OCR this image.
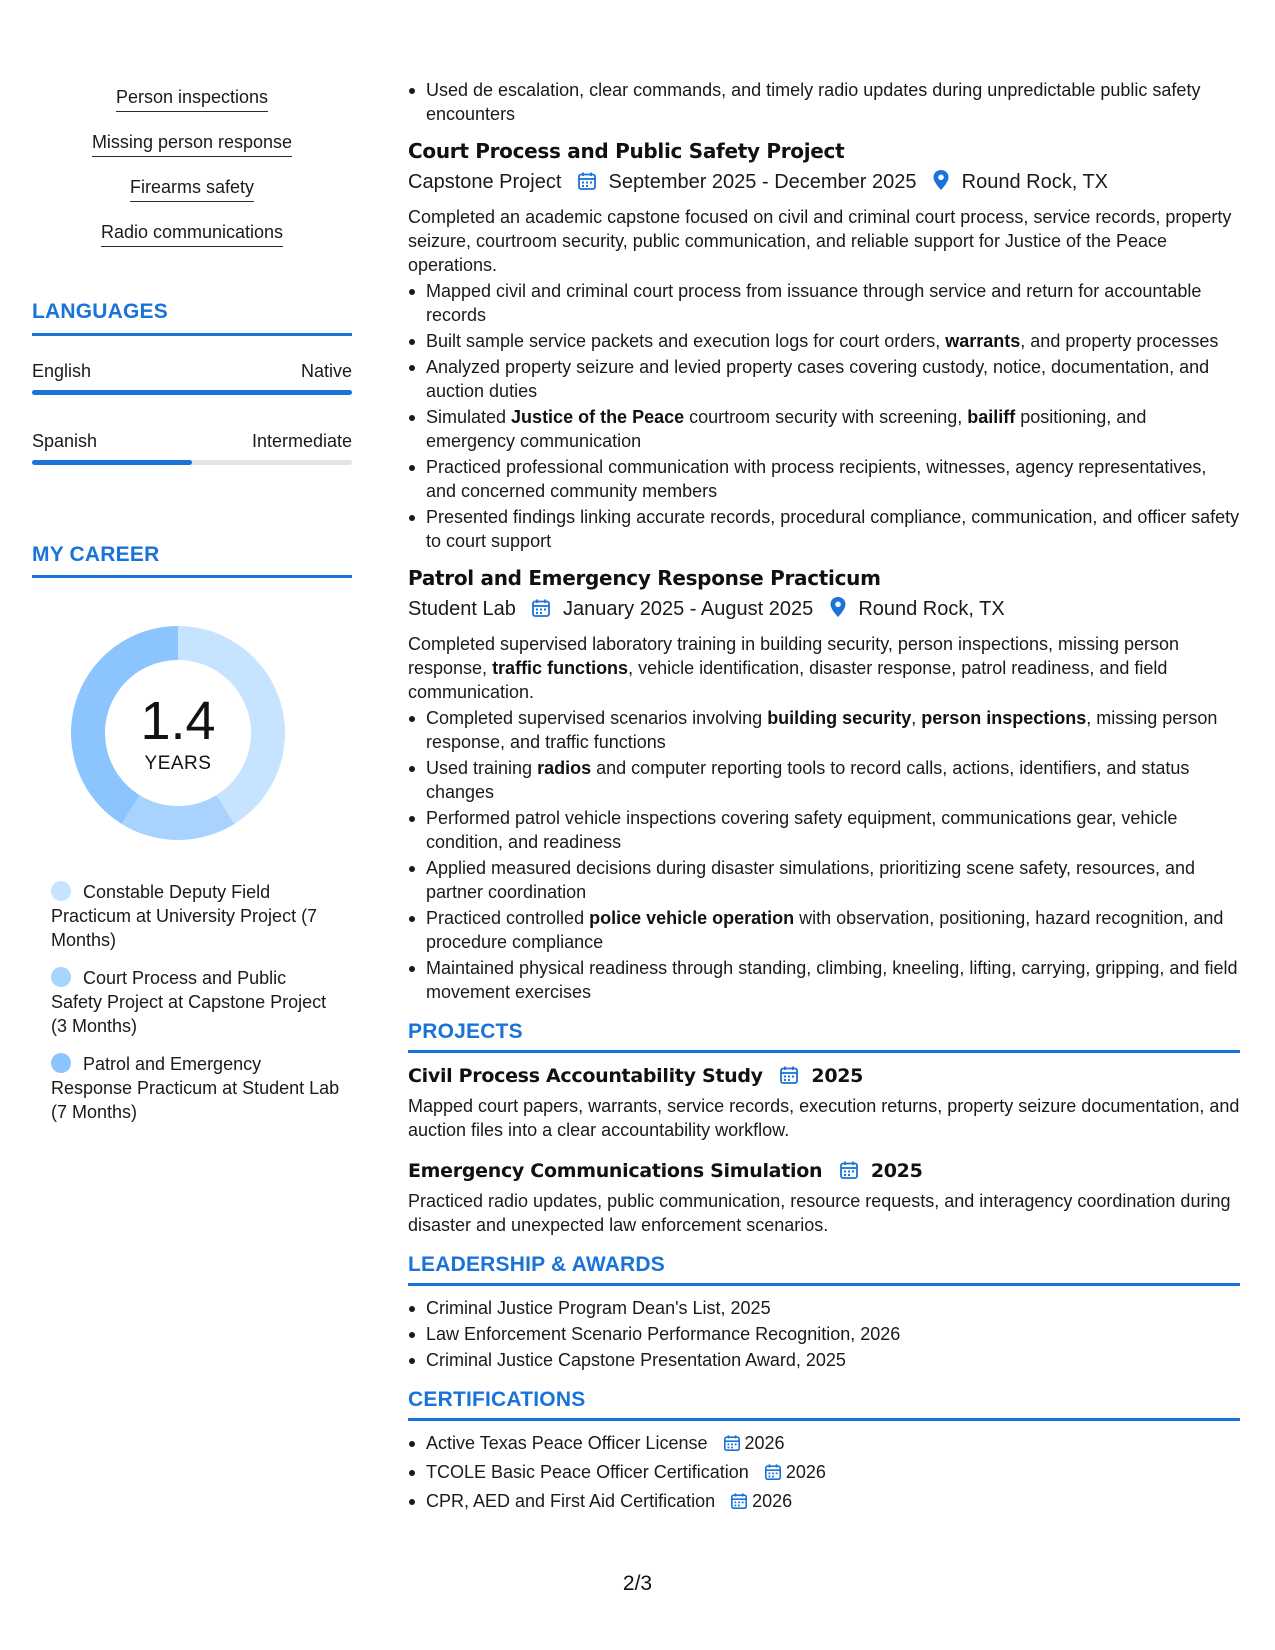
Person inspections
Missing person response
Firearms safety
Radio communications
LANGUAGES
English	Native
Spanish	Intermediate
MY CAREER
1.4
YEARS
Constable Deputy Field Practicum at University Project (7 Months)
Court Process and Public Safety Project at Capstone Project (3 Months)
Patrol and Emergency Response Practicum at Student Lab (7 Months)
Used de escalation, clear commands, and timely radio updates during unpredictable public safety encounters
Court Process and Public Safety Project
Capstone Project September 2025 - December 2025 Round Rock, TX
Completed an academic capstone focused on civil and criminal court process, service records, property seizure, courtroom security, public communication, and reliable support for Justice of the Peace operations.
Mapped civil and criminal court process from issuance through service and return for accountable records
Built sample service packets and execution logs for court orders, warrants, and property processes
Analyzed property seizure and levied property cases covering custody, notice, documentation, and auction duties
Simulated Justice of the Peace courtroom security with screening, bailiff positioning, and emergency communication
Practiced professional communication with process recipients, witnesses, agency representatives, and concerned community members
Presented findings linking accurate records, procedural compliance, communication, and officer safety to court support
Patrol and Emergency Response Practicum
Student Lab January 2025 - August 2025 Round Rock, TX
Completed supervised laboratory training in building security, person inspections, missing person response, traffic functions, vehicle identification, disaster response, patrol readiness, and field communication.
Completed supervised scenarios involving building security, person inspections, missing person response, and traffic functions
Used training radios and computer reporting tools to record calls, actions, identifiers, and status changes
Performed patrol vehicle inspections covering safety equipment, communications gear, vehicle condition, and readiness
Applied measured decisions during disaster simulations, prioritizing scene safety, resources, and partner coordination
Practiced controlled police vehicle operation with observation, positioning, hazard recognition, and procedure compliance
Maintained physical readiness through standing, climbing, kneeling, lifting, carrying, gripping, and field movement exercises
PROJECTS
Civil Process Accountability Study	2025
Mapped court papers, warrants, service records, execution returns, property seizure documentation, and auction files into a clear accountability workflow.
Emergency Communications Simulation	2025
Practiced radio updates, public communication, resource requests, and interagency coordination during disaster and unexpected law enforcement scenarios.
LEADERSHIP & AWARDS
Criminal Justice Program Dean's List, 2025
Law Enforcement Scenario Performance Recognition, 2026
Criminal Justice Capstone Presentation Award, 2025
CERTIFICATIONS
Active Texas Peace Officer License 2026
TCOLE Basic Peace Officer Certification 2026
CPR, AED and First Aid Certification 2026
2/3
